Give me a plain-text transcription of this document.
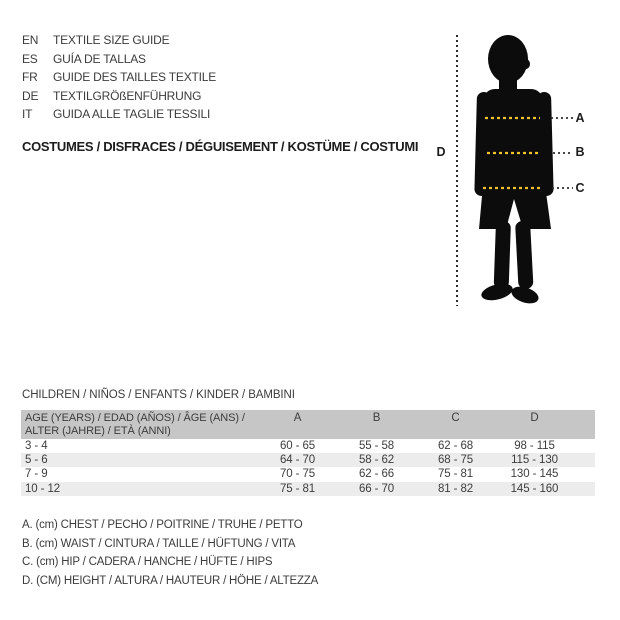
EN	TEXTILE SIZE GUIDE
ES	GUÍA DE TALLAS
FR	GUIDE DES TAILLES TEXTILE
DE	TEXTILGRÖßENFÜHRUNG
IT	GUIDA ALLE TAGLIE TESSILI
COSTUMES / DISFRACES / DÉGUISEMENT / KOSTÜME / COSTUMI	D
A
B
C
CHILDREN / NIÑOS / ENFANTS / KINDER / BAMBINI
AGE (YEARS) / EDAD (AÑOS) / ÂGE (ANS) /
ALTER (JAHRE) / ETÀ (ANNI)
A	B	C	D
3 - 4	60 - 65	55 - 58	62 - 68	98 - 115
5 - 6	64 - 70	58 - 62	68 - 75	115 - 130
7 - 9	70 - 75	62 - 66	75 - 81	130 - 145
10 - 12	75 - 81	66 - 70	81 - 82	145 - 160
A. (cm) CHEST / PECHO / POITRINE / TRUHE / PETTO
B. (cm) WAIST / CINTURA / TAILLE / HÜFTUNG / VITA
C. (cm) HIP / CADERA / HANCHE / HÜFTE / HIPS
D. (CM) HEIGHT / ALTURA / HAUTEUR / HÖHE / ALTEZZA
